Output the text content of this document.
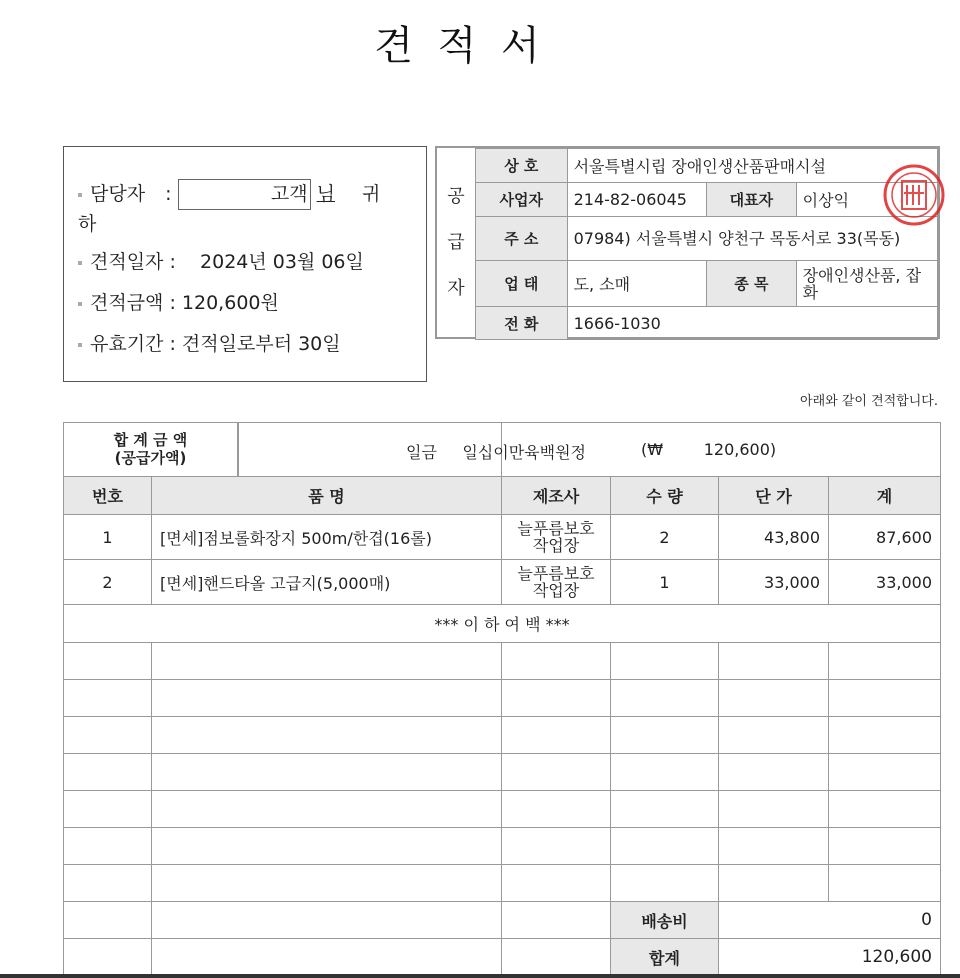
견 적 서
담당자 :	고객 님 귀
하
견적일자 :    2024년 03월 06일
견적금액 : 120,600원
유효기간 : 견적일로부터 30일
공
급
자
상 호	서울특별시립 장애인생산품판매시설		
사업자	214-82-06045	대표자	이상익
주 소	07984) 서울특별시 양천구 목동서로 33(목동)		
업 태	도, 소매	종 목	장애인생산품, 잡화
전 화	1666-1030		
아래와 같이 견적합니다.
합 계 금 액
(공급가액) 일금     일십이만육백원정		(₩        120,600)			

번호	품 명	제조사	수 량	단 가	계
1	[면세]점보롤화장지 500m/한겹(16롤)	늘푸름보호작업장	2	43,800	87,600
2	[면세]핸드타올 고급지(5,000매)	늘푸름보호작업장	1	33,000	33,000
*** 이 하 여 백 ***					

			배송비	0	
			합계	120,600	
